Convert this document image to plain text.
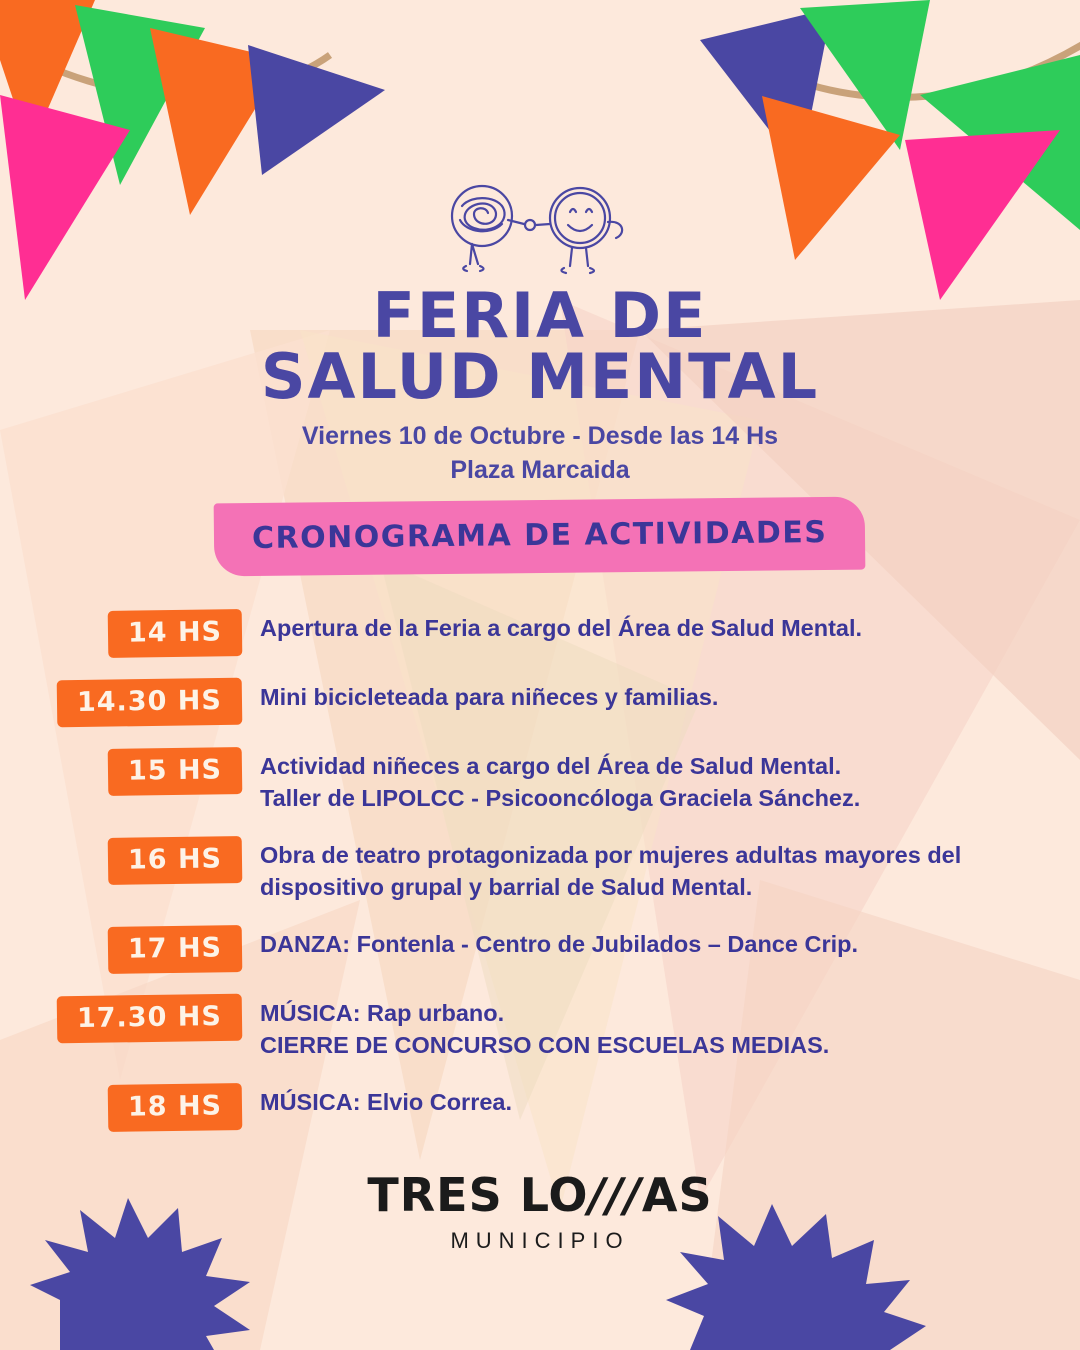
FERIA DE
SALUD MENTAL
Viernes 10 de Octubre - Desde las 14 Hs
Plaza Marcaida
CRONOGRAMA DE ACTIVIDADES
14 HS	Apertura de la Feria a cargo del Área de Salud Mental.
14.30 HS	Mini bicicleteada para niñeces y familias.
15 HS	Actividad niñeces a cargo del Área de Salud Mental.
Taller de LIPOLCC - Psicooncóloga Graciela Sánchez.
16 HS	Obra de teatro protagonizada por mujeres adultas mayores del
dispositivo grupal y barrial de Salud Mental.
17 HS	DANZA: Fontenla - Centro de Jubilados – Dance Crip.
17.30 HS	MÚSICA: Rap urbano.
CIERRE DE CONCURSO CON ESCUELAS MEDIAS.
18 HS	MÚSICA: Elvio Correa.
TRES LO///AS
MUNICIPIO
